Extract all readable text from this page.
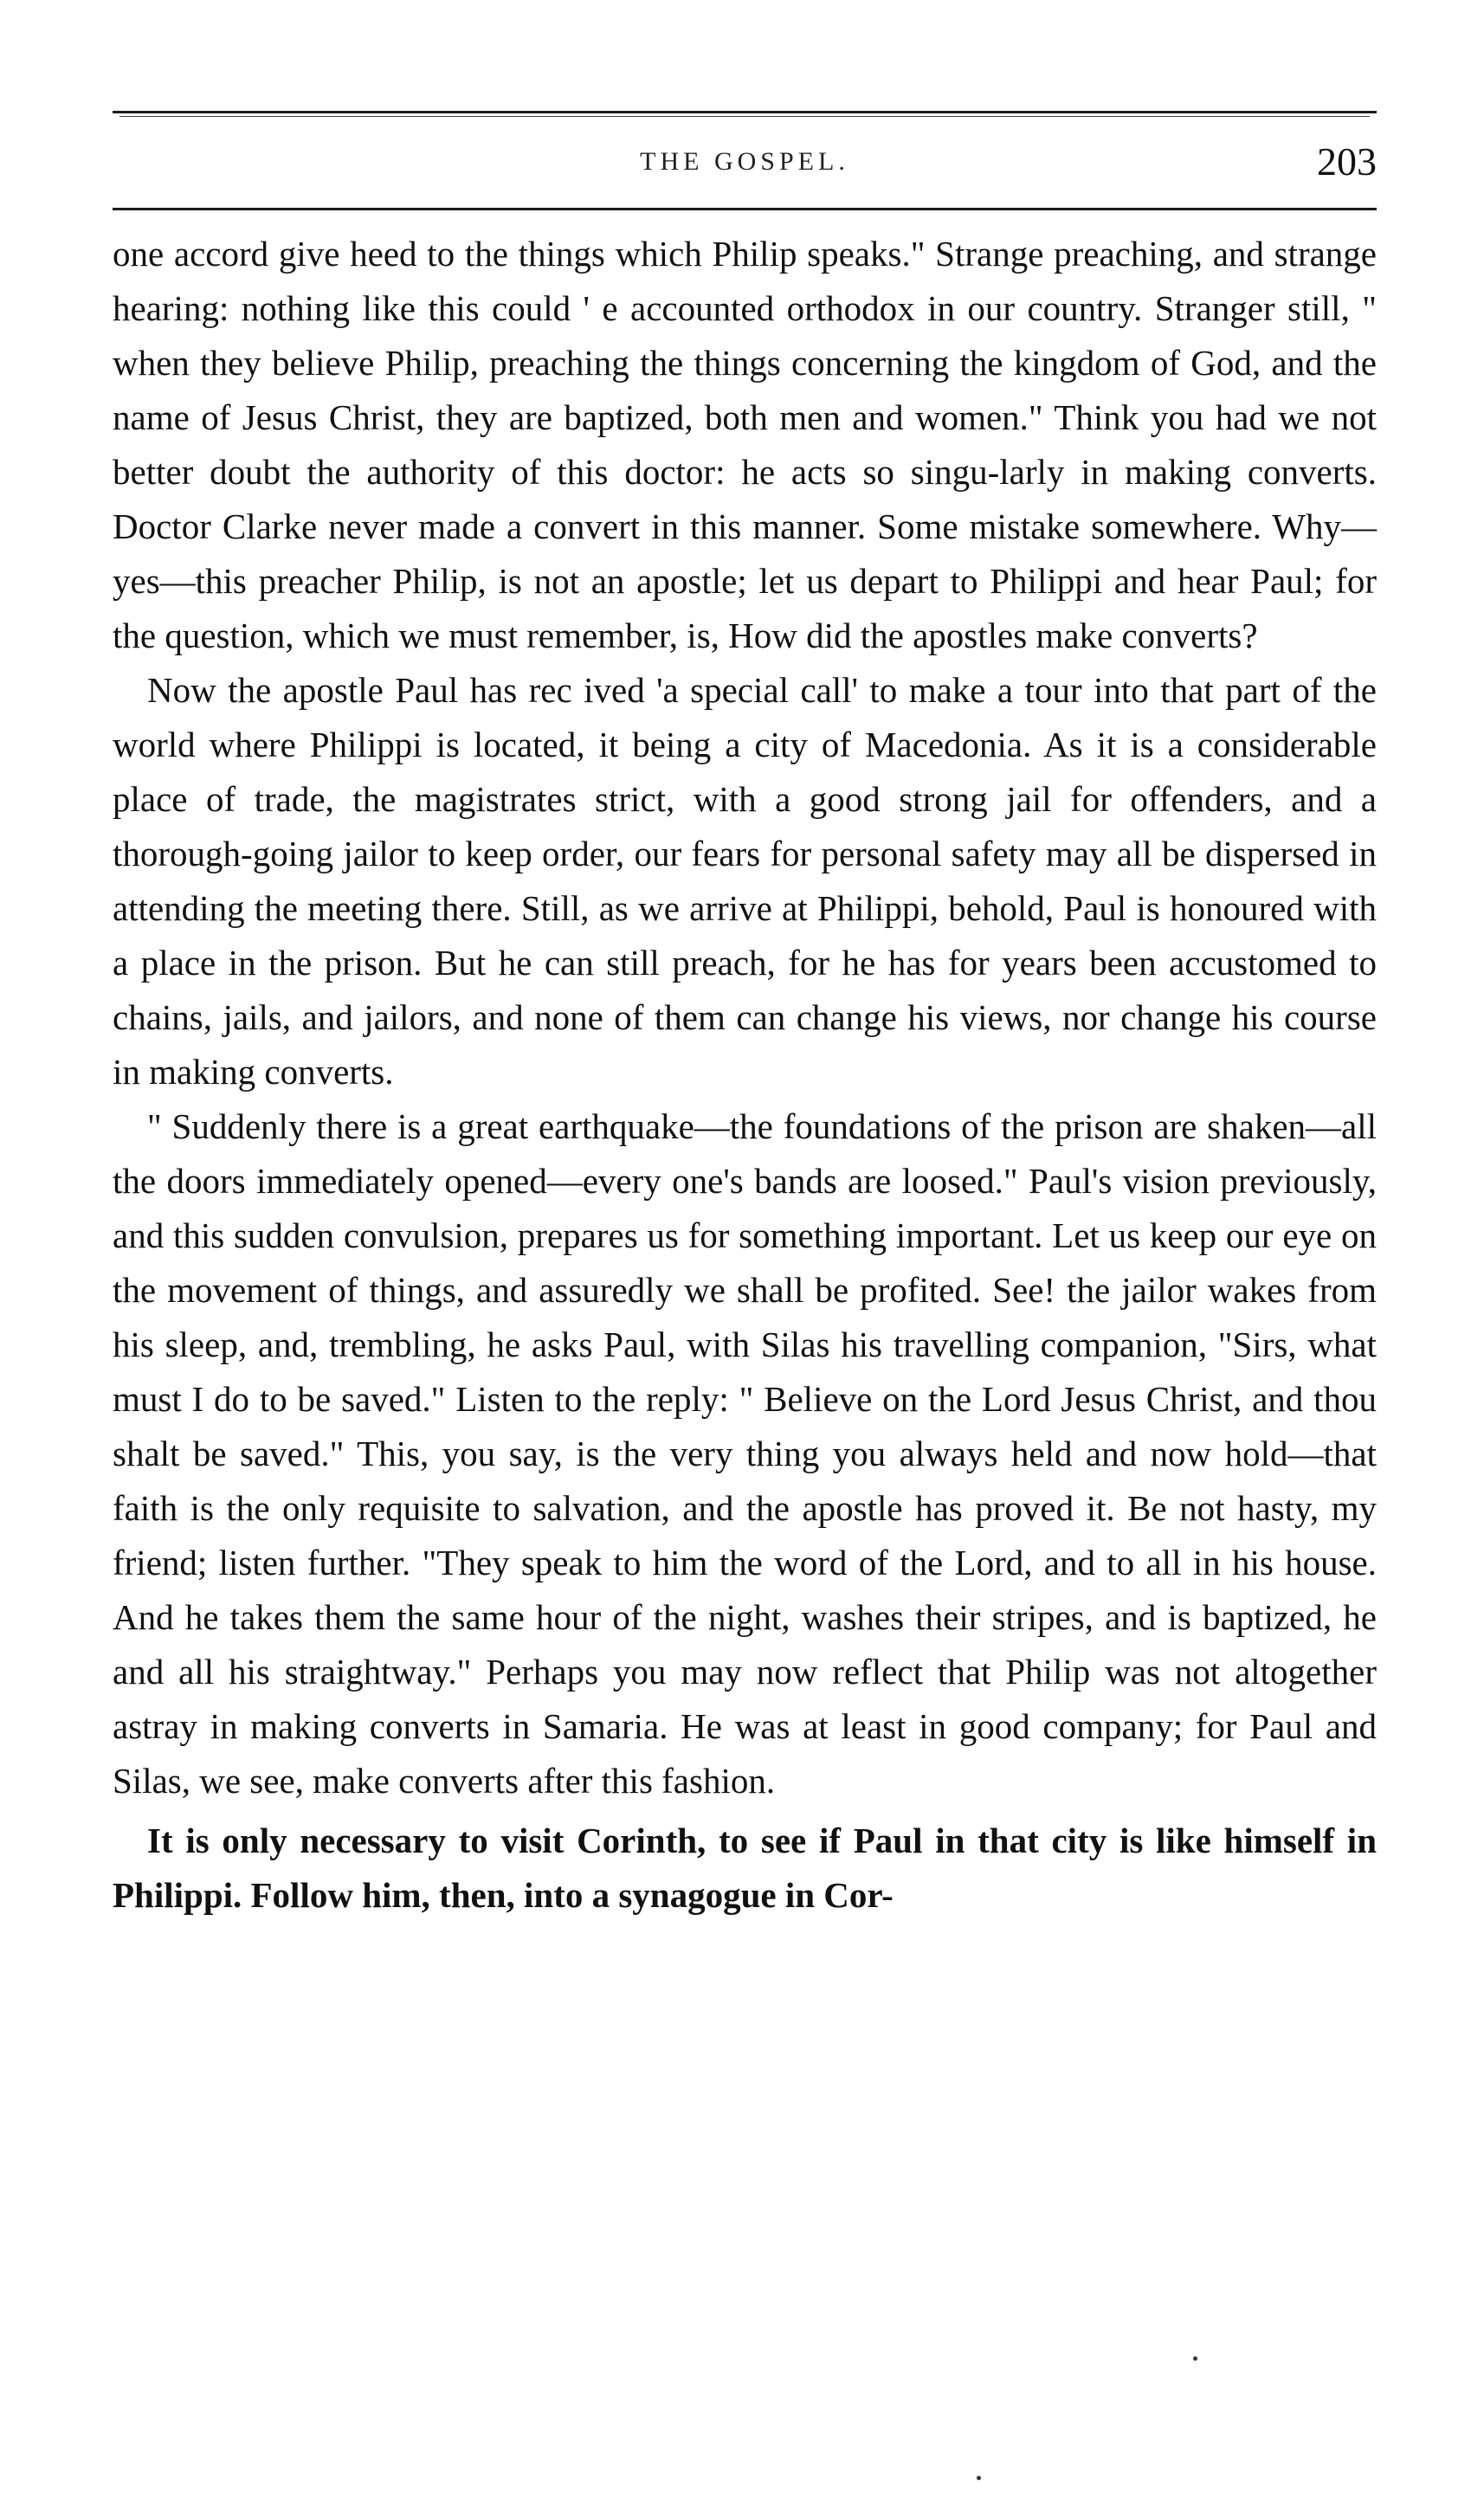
THE GOSPEL.	203

one accord give heed to the things which Philip speaks." Strange preaching, and strange hearing: nothing like this could ' e accounted orthodox in our country. Stranger still, " when they believe Philip, preaching the things concerning the kingdom of God, and the name of Jesus Christ, they are baptized, both men and women." Think you had we not better doubt the authority of this doctor: he acts so singu-larly in making converts. Doctor Clarke never made a convert in this manner. Some mistake somewhere. Why—yes—this preacher Philip, is not an apostle; let us depart to Philippi and hear Paul; for the question, which we must remember, is, How did the apostles make converts?

Now the apostle Paul has rec ived 'a special call' to make a tour into that part of the world where Philippi is located, it being a city of Macedonia. As it is a considerable place of trade, the magistrates strict, with a good strong jail for offenders, and a thorough-going jailor to keep order, our fears for personal safety may all be dispersed in attending the meeting there. Still, as we arrive at Philippi, behold, Paul is honoured with a place in the prison. But he can still preach, for he has for years been accustomed to chains, jails, and jailors, and none of them can change his views, nor change his course in making converts.

" Suddenly there is a great earthquake—the foundations of the prison are shaken—all the doors immediately opened—every one's bands are loosed." Paul's vision previously, and this sudden convulsion, prepares us for something important. Let us keep our eye on the movement of things, and assuredly we shall be profited. See! the jailor wakes from his sleep, and, trembling, he asks Paul, with Silas his travelling companion, "Sirs, what must I do to be saved." Listen to the reply: " Believe on the Lord Jesus Christ, and thou shalt be saved." This, you say, is the very thing you always held and now hold—that faith is the only requisite to salvation, and the apostle has proved it. Be not hasty, my friend; listen further. "They speak to him the word of the Lord, and to all in his house. And he takes them the same hour of the night, washes their stripes, and is baptized, he and all his straightway." Perhaps you may now reflect that Philip was not altogether astray in making converts in Samaria. He was at least in good company; for Paul and Silas, we see, make converts after this fashion.

It is only necessary to visit Corinth, to see if Paul in that city is like himself in Philippi. Follow him, then, into a synagogue in Cor-
